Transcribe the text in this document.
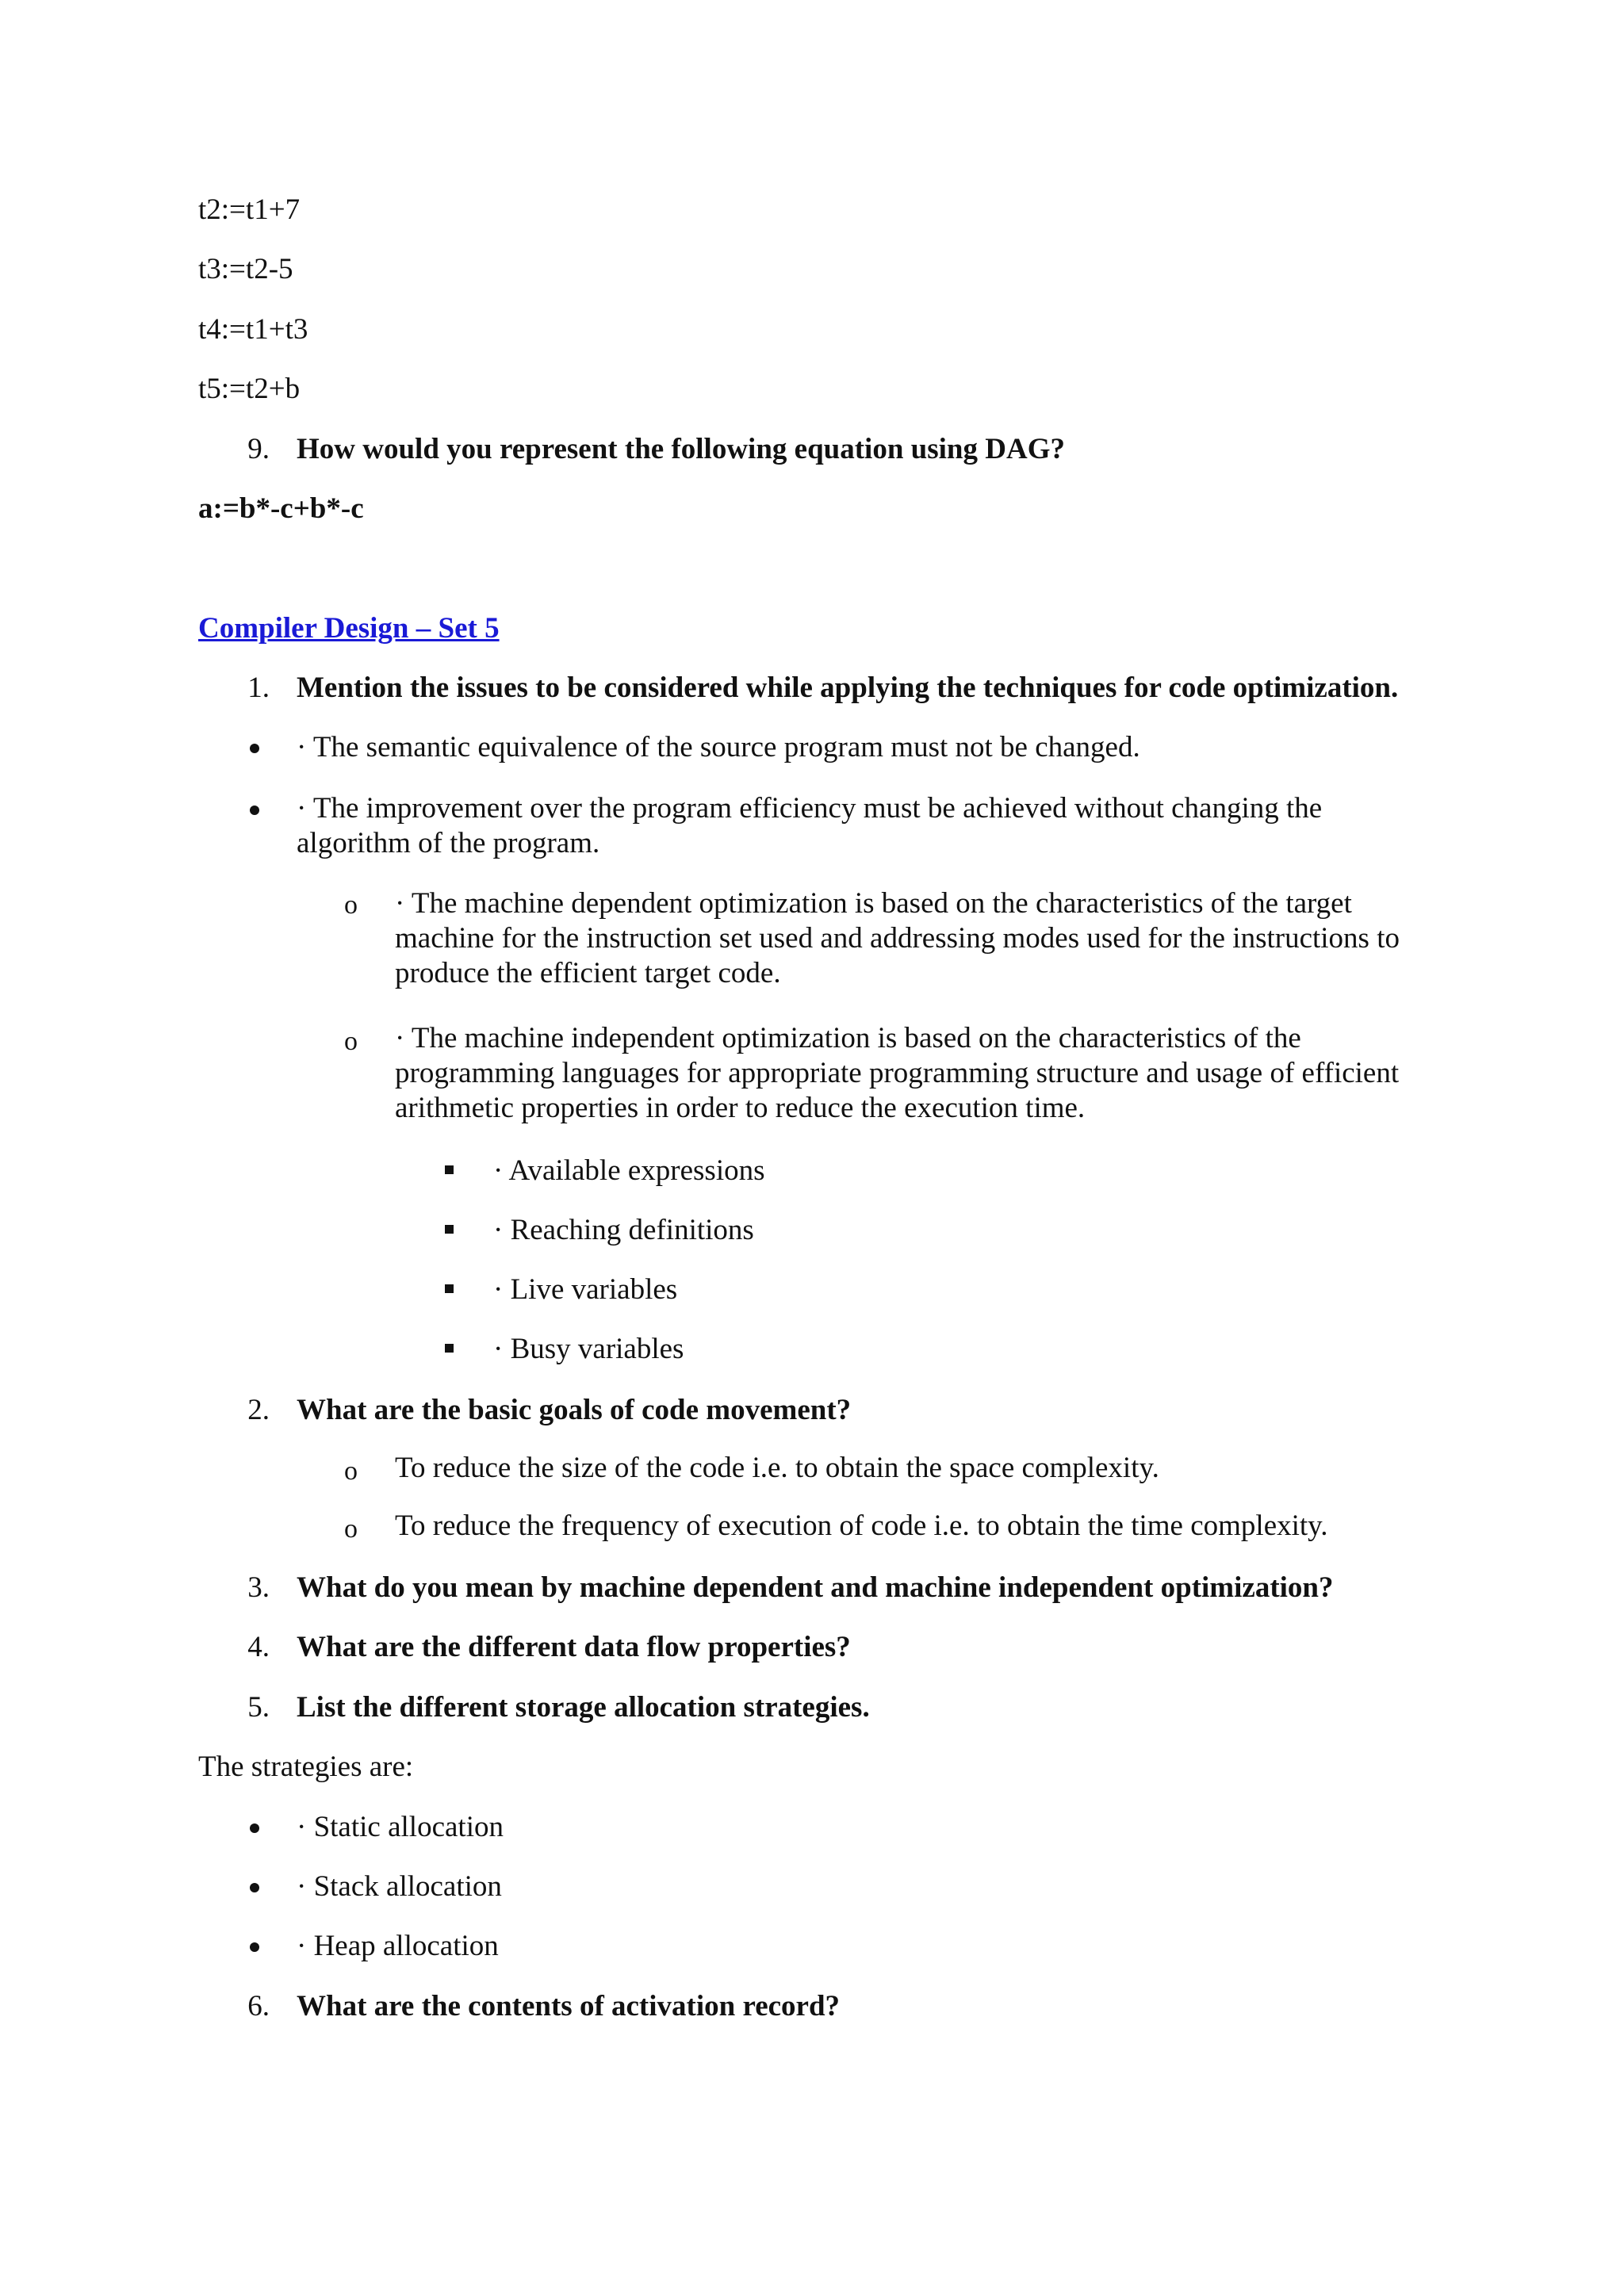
t2:=t1+7
t3:=t2-5
t4:=t1+t3
t5:=t2+b
9. How would you represent the following equation using DAG?
a:=b*-c+b*-c
Compiler Design – Set 5
1. Mention the issues to be considered while applying the techniques for code optimization.
· The semantic equivalence of the source program must not be changed.
· The improvement over the program efficiency must be achieved without changing the algorithm of the program.
o · The machine dependent optimization is based on the characteristics of the target machine for the instruction set used and addressing modes used for the instructions to produce the efficient target code.
o · The machine independent optimization is based on the characteristics of the programming languages for appropriate programming structure and usage of efficient arithmetic properties in order to reduce the execution time.
· Available expressions
· Reaching definitions
· Live variables
· Busy variables
2. What are the basic goals of code movement?
o To reduce the size of the code i.e. to obtain the space complexity.
o To reduce the frequency of execution of code i.e. to obtain the time complexity.
3. What do you mean by machine dependent and machine independent optimization?
4. What are the different data flow properties?
5. List the different storage allocation strategies.
The strategies are:
· Static allocation
· Stack allocation
· Heap allocation
6. What are the contents of activation record?
